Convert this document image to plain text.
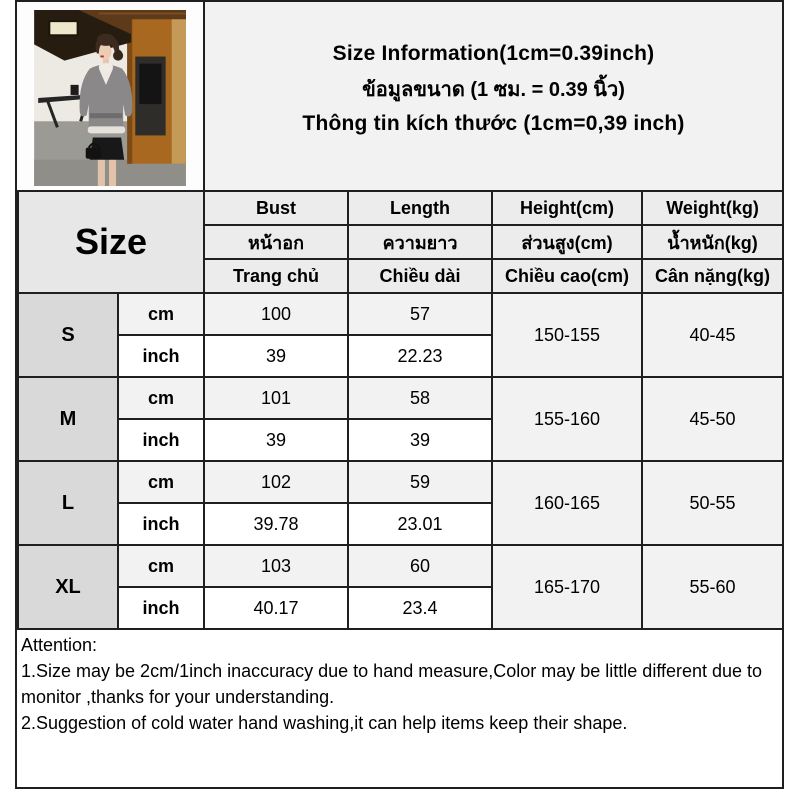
Size Information(1cm=0.39inch)
ข้อมูลขนาด (1 ซม. = 0.39 นิ้ว)
Thông tin kích thước (1cm=0,39 inch)
Size		Bust	Length	Height(cm)	Weight(kg)
		หน้าอก	ความยาว	ส่วนสูง(cm)	น้ำหนัก(kg)
		Trang chủ	Chiều dài	Chiều cao(cm)	Cân nặng(kg)
S	cm	100	57	150-155	40-45
	inch	39	22.23		
M	cm	101	58	155-160	45-50
	inch	39	39		
L	cm	102	59	160-165	50-55
	inch	39.78	23.01		
XL	cm	103	60	165-170	55-60
	inch	40.17	23.4		
Attention:
1.Size may be 2cm/1inch inaccuracy due to hand measure,Color may be little different due to monitor ,thanks for your understanding.
2.Suggestion of cold water hand washing,it can help items keep their shape.
